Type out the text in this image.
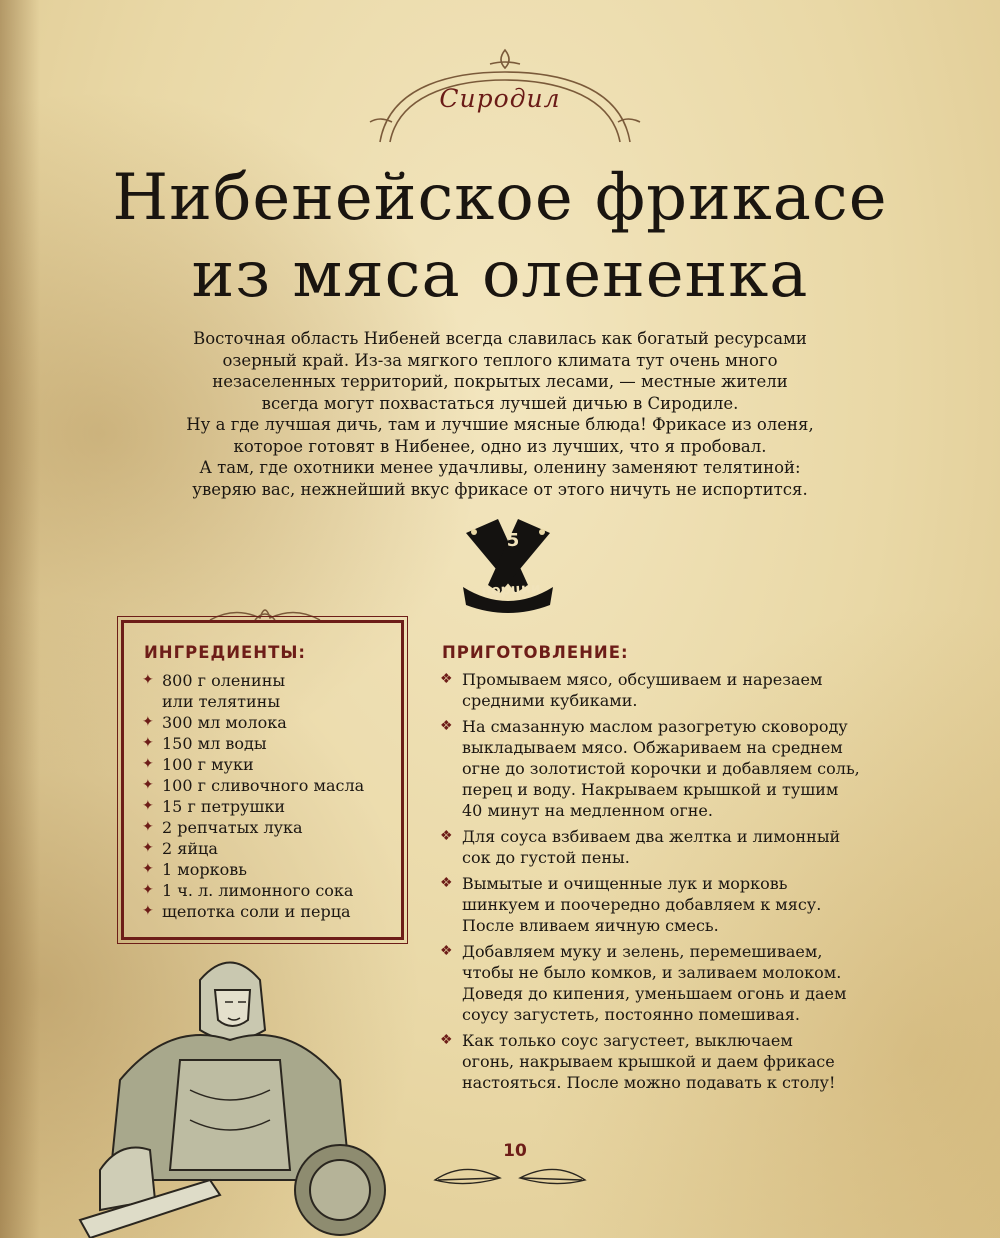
Сиродил
Нибенейское фрикасе
из мяса олененка
Восточная область Нибеней всегда славилась как богатый ресурсами
озерный край. Из-за мягкого теплого климата тут очень много
незаселенных территорий, покрытых лесами, — местные жители
всегда могут похвастаться лучшей дичью в Сиродиле.
Ну а где лучшая дичь, там и лучшие мясные блюда! Фрикасе из оленя,
которое готовят в Нибенее, одно из лучших, что я пробовал.
А там, где охотники менее удачливы, оленину заменяют телятиной:
уверяю вас, нежнейший вкус фрикасе от этого ничуть не испортится.
5
порции
ИНГРЕДИЕНТЫ:
✦ 800 г оленины
или телятины
✦ 300 мл молока
✦ 150 мл воды
✦ 100 г муки
✦ 100 г сливочного масла
✦ 15 г петрушки
✦ 2 репчатых лука
✦ 2 яйца
✦ 1 морковь
✦ 1 ч. л. лимонного сока
✦ щепотка соли и перца
ПРИГОТОВЛЕНИЕ:
❖ Промываем мясо, обсушиваем и нарезаем
средними кубиками.
❖ На смазанную маслом разогретую сковороду
выкладываем мясо. Обжариваем на среднем
огне до золотистой корочки и добавляем соль,
перец и воду. Накрываем крышкой и тушим
40 минут на медленном огне.
❖ Для соуса взбиваем два желтка и лимонный
сок до густой пены.
❖ Вымытые и очищенные лук и морковь
шинкуем и поочередно добавляем к мясу.
После вливаем яичную смесь.
❖ Добавляем муку и зелень, перемешиваем,
чтобы не было комков, и заливаем молоком.
Доведя до кипения, уменьшаем огонь и даем
соусу загустеть, постоянно помешивая.
❖ Как только соус загустеет, выключаем
огонь, накрываем крышкой и даем фрикасе
настояться. После можно подавать к столу!
10
